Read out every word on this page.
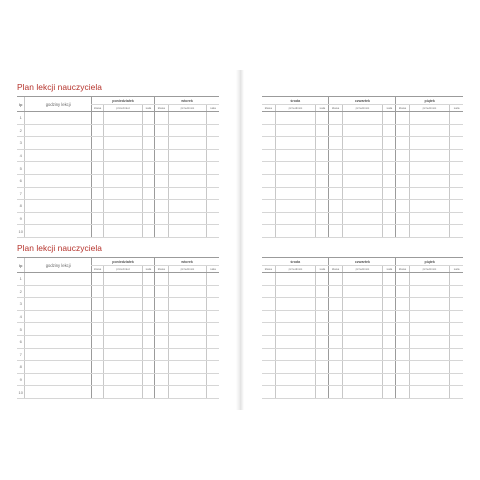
Plan lekcji nauczyciela
lp	godziny lekcji	poniedziałek			wtorek		
		klasa	przedmiot	sala	klasa	przedmiot	sala
1							
2							
3							
4							
5							
6							
7							
8							
9							
10							
Plan lekcji nauczyciela
lp	godziny lekcji	poniedziałek			wtorek		
		klasa	przedmiot	sala	klasa	przedmiot	sala
1							
2							
3							
4							
5							
6							
7							
8							
9							
10							
środa			czwartek			piątek		
klasa	przedmiot	sala	klasa	przedmiot	sala	klasa	przedmiot	sala

środa			czwartek			piątek		
klasa	przedmiot	sala	klasa	przedmiot	sala	klasa	przedmiot	sala
